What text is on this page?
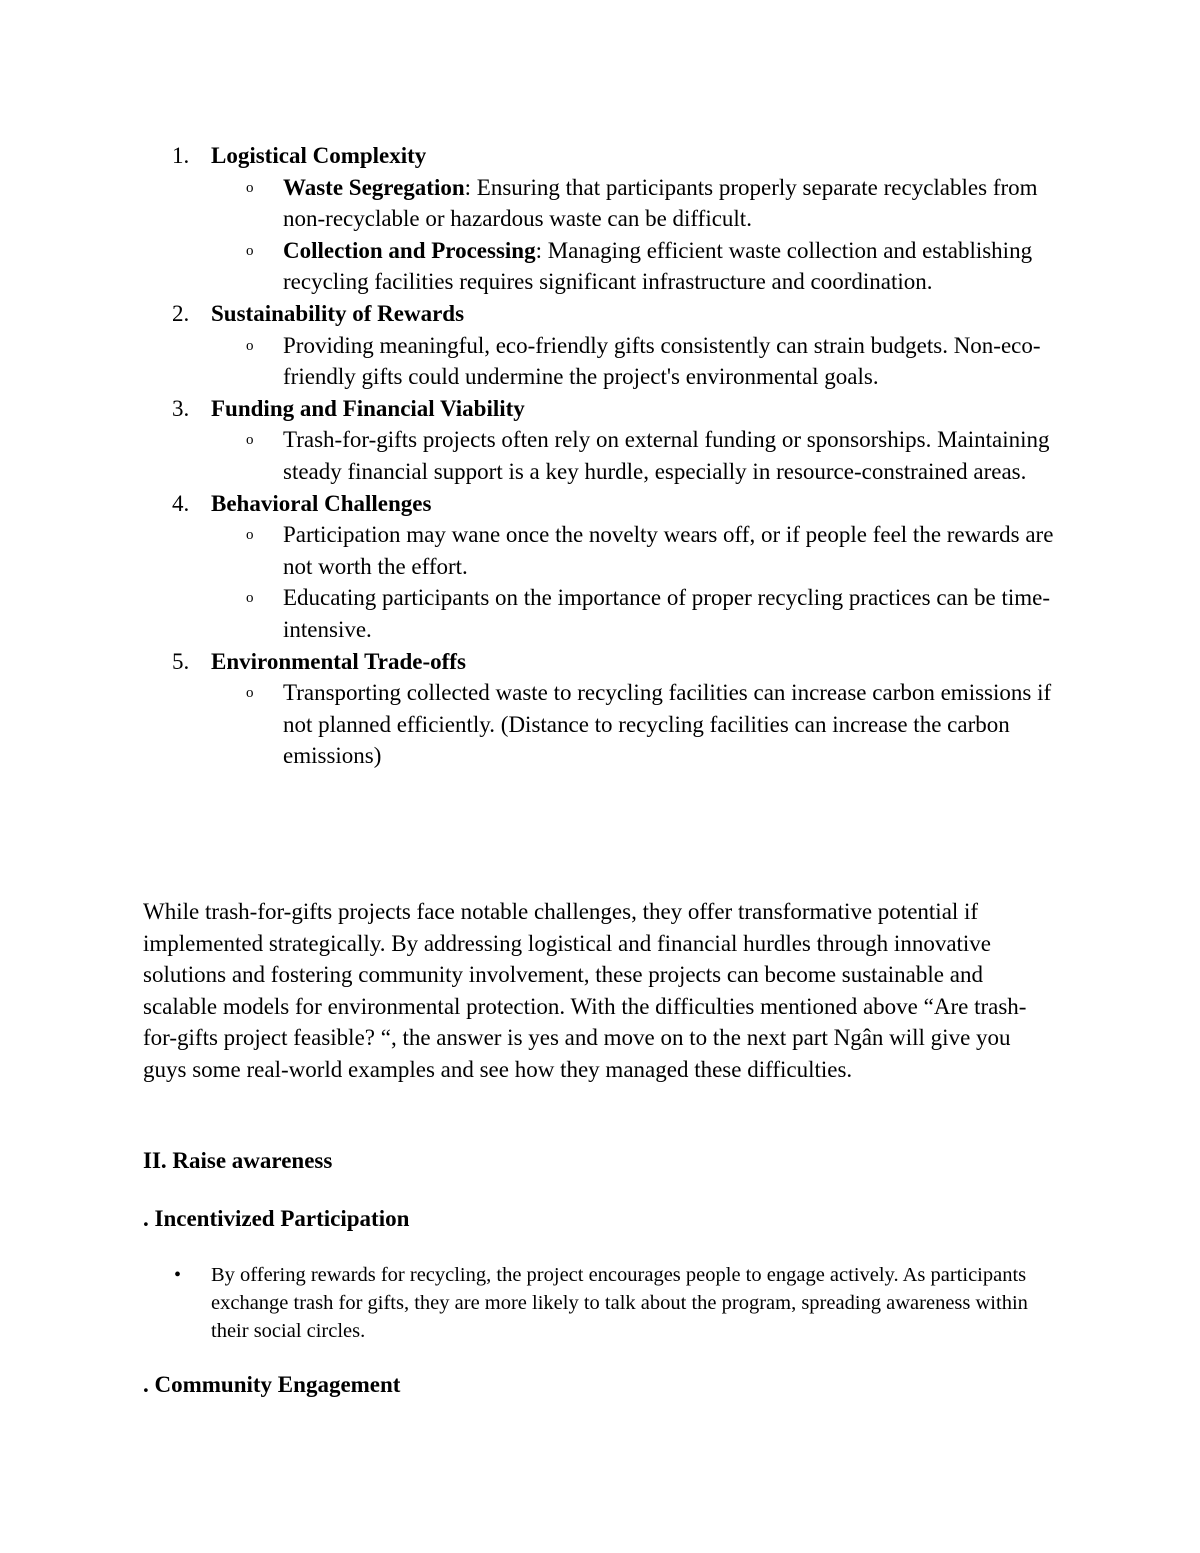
1. Logistical Complexity
o Waste Segregation: Ensuring that participants properly separate recyclables from non-recyclable or hazardous waste can be difficult.
o Collection and Processing: Managing efficient waste collection and establishing recycling facilities requires significant infrastructure and coordination.
2. Sustainability of Rewards
o Providing meaningful, eco-friendly gifts consistently can strain budgets. Non-eco-friendly gifts could undermine the project's environmental goals.
3. Funding and Financial Viability
o Trash-for-gifts projects often rely on external funding or sponsorships. Maintaining steady financial support is a key hurdle, especially in resource-constrained areas.
4. Behavioral Challenges
o Participation may wane once the novelty wears off, or if people feel the rewards are not worth the effort.
o Educating participants on the importance of proper recycling practices can be time-intensive.
5. Environmental Trade-offs
o Transporting collected waste to recycling facilities can increase carbon emissions if not planned efficiently. (Distance to recycling facilities can increase the carbon emissions)

While trash-for-gifts projects face notable challenges, they offer transformative potential if implemented strategically. By addressing logistical and financial hurdles through innovative solutions and fostering community involvement, these projects can become sustainable and scalable models for environmental protection. With the difficulties mentioned above “Are trash-for-gifts project feasible? “, the answer is yes and move on to the next part Ngân will give you guys some real-world examples and see how they managed these difficulties.

II. Raise awareness
. Incentivized Participation
• By offering rewards for recycling, the project encourages people to engage actively. As participants exchange trash for gifts, they are more likely to talk about the program, spreading awareness within their social circles.
. Community Engagement
